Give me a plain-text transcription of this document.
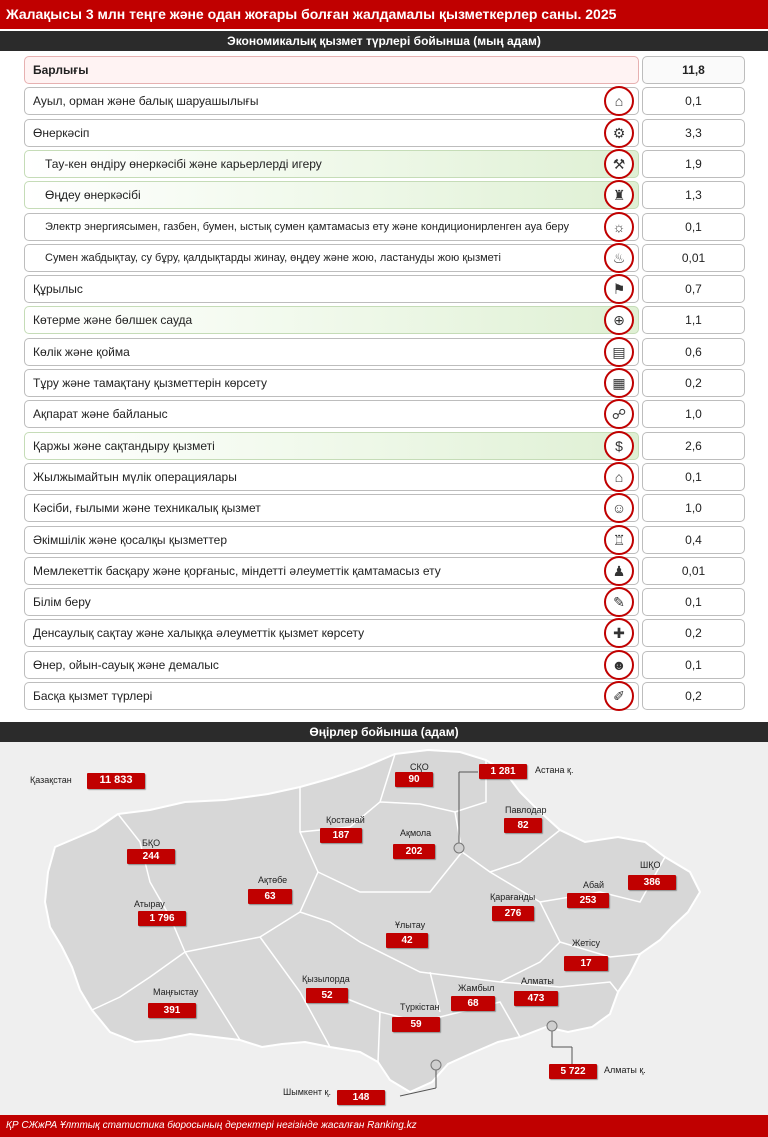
Жалақысы 3 млн теңге және одан жоғары болған жалдамалы қызметкерлер саны. 2025
Экономикалық қызмет түрлері бойынша (мың адам)
Барлығы	11,8
Ауыл, орман және балық шаруашылығы	⌂	0,1
Өнеркәсіп	⚙	3,3
Тау-кен өндіру өнеркәсібі және карьерлерді игеру	⚒	1,9
Өңдеу өнеркәсібі	♜	1,3
Электр энергиясымен, газбен, бумен, ыстық сумен қамтамасыз ету және кондиционирленген ауа беру	☼	0,1
Сумен жабдықтау, су бұру, қалдықтарды жинау, өңдеу және жою, ластануды жою қызметі	♨	0,01
Құрылыс	⚑	0,7
Көтерме және бөлшек сауда	⊕	1,1
Көлік және қойма	▤	0,6
Тұру және тамақтану қызметтерін көрсету	▦	0,2
Ақпарат және байланыс	☍	1,0
Қаржы және сақтандыру қызметі	$	2,6
Жылжымайтын мүлік операциялары	⌂	0,1
Кәсіби, ғылыми және техникалық қызмет	☺	1,0
Әкімшілік және қосалқы қызметтер	♖	0,4
Мемлекеттік басқару және қорғаныс, міндетті әлеуметтік қамтамасыз ету	♟	0,01
Білім беру	✎	0,1
Денсаулық сақтау және халыққа әлеуметтік қызмет көрсету	✚	0,2
Өнер, ойын-сауық және демалыс	☻	0,1
Басқа қызмет түрлері	✐	0,2
Өңірлер бойынша (адам)
Қазақстан	11 833
СҚО
90
Астана қ.
1 281
Павлодар
82
Қостанай
187	Ақмола
202
БҚО
244
ШҚО
386
Ақтөбе
63	Қарағанды
276
Абай
253
Атырау
1 796
Ұлытау
42	Жетісу
17
Қызылорда
52
Жамбыл
68
Алматы
473
Маңғыстау
391	Түркістан
59
Алматы қ.
5 722
Шымкент қ.	148
ҚР СЖжРА Ұлттық статистика бюросының деректері негізінде жасалған Ranking.kz
